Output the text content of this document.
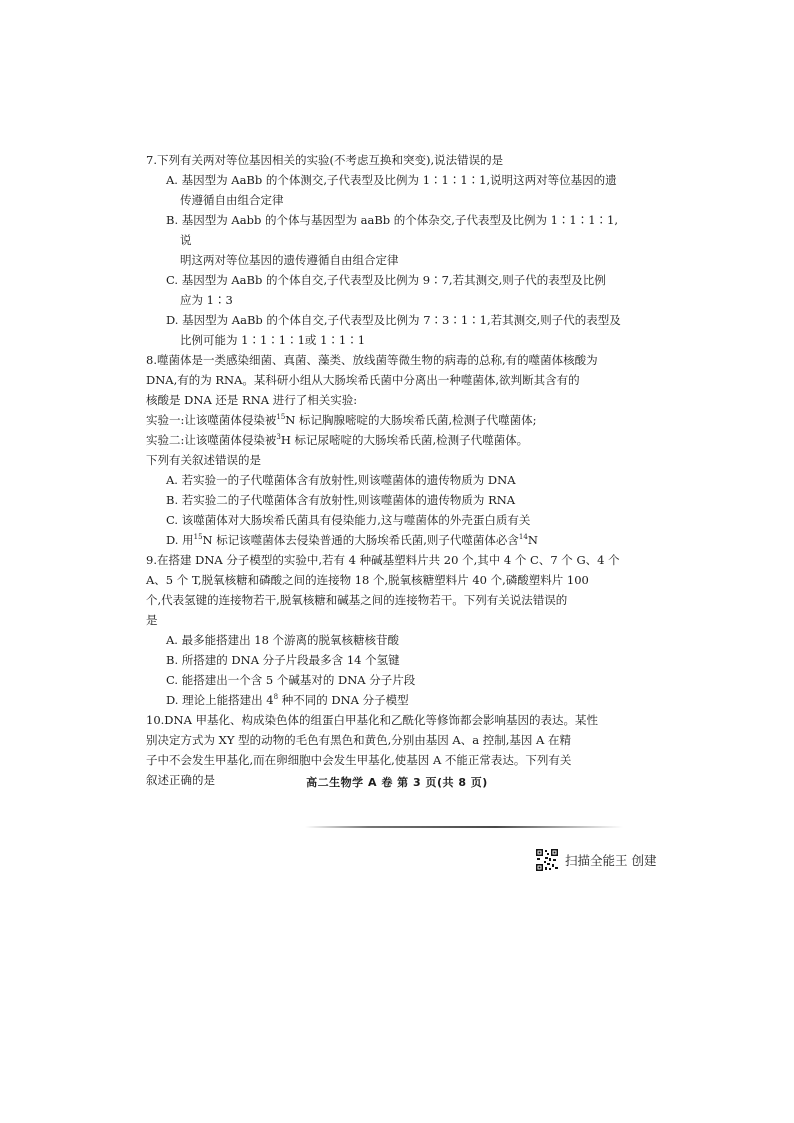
7.下列有关两对等位基因相关的实验(不考虑互换和突变),说法错误的是
A. 基因型为 AaBb 的个体测交,子代表型及比例为 1∶1∶1∶1,说明这两对等位基因的遗
传遵循自由组合定律
B. 基因型为 Aabb 的个体与基因型为 aaBb 的个体杂交,子代表型及比例为 1∶1∶1∶1,说
明这两对等位基因的遗传遵循自由组合定律
C. 基因型为 AaBb 的个体自交,子代表型及比例为 9∶7,若其测交,则子代的表型及比例
应为 1∶3
D. 基因型为 AaBb 的个体自交,子代表型及比例为 7∶3∶1∶1,若其测交,则子代的表型及
比例可能为 1∶1∶1∶1或 1∶1∶1
8.噬菌体是一类感染细菌、真菌、藻类、放线菌等微生物的病毒的总称,有的噬菌体核酸为
DNA,有的为 RNA。某科研小组从大肠埃希氏菌中分离出一种噬菌体,欲判断其含有的
核酸是 DNA 还是 RNA 进行了相关实验:
实验一:让该噬菌体侵染被$^{15}$N 标记胸腺嘧啶的大肠埃希氏菌,检测子代噬菌体;
实验二:让该噬菌体侵染被$^3$H 标记尿嘧啶的大肠埃希氏菌,检测子代噬菌体。
下列有关叙述错误的是
A. 若实验一的子代噬菌体含有放射性,则该噬菌体的遗传物质为 DNA
B. 若实验二的子代噬菌体含有放射性,则该噬菌体的遗传物质为 RNA
C. 该噬菌体对大肠埃希氏菌具有侵染能力,这与噬菌体的外壳蛋白质有关
D. 用$^{15}$N 标记该噬菌体去侵染普通的大肠埃希氏菌,则子代噬菌体必含$^{14}$N
9.在搭建 DNA 分子模型的实验中,若有 4 种碱基塑料片共 20 个,其中 4 个 C、7 个 G、4 个
A、5 个 T,脱氧核糖和磷酸之间的连接物 18 个,脱氧核糖塑料片 40 个,磷酸塑料片 100
个,代表氢键的连接物若干,脱氧核糖和碱基之间的连接物若干。下列有关说法错误的
是
A. 最多能搭建出 18 个游离的脱氧核糖核苷酸
B. 所搭建的 DNA 分子片段最多含 14 个氢键
C. 能搭建出一个含 5 个碱基对的 DNA 分子片段
D. 理论上能搭建出 $4^8$ 种不同的 DNA 分子模型
10.DNA 甲基化、构成染色体的组蛋白甲基化和乙酰化等修饰都会影响基因的表达。某性
别决定方式为 XY 型的动物的毛色有黑色和黄色,分别由基因 A、a 控制,基因 A 在精
子中不会发生甲基化,而在卵细胞中会发生甲基化,使基因 A 不能正常表达。下列有关
叙述正确的是	高二生物学 A 卷 第 3 页(共 8 页)
扫描全能王 创建
